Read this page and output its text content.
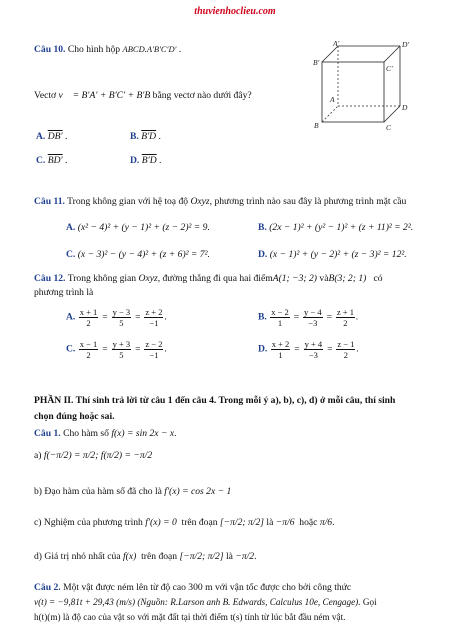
thuvienhoclieu.com
Câu 10. Cho hình hộp ABCD.A′B′C′D′ .
A′	D′
B′
C′
A
D
B	C
Vectơ v⃗ = B′A′ + B′C′ + B′B bằng vectơ nào dưới đây?
A. DB′ .	B. B′D .
C. BD′ .	D. B′D .
Câu 11. Trong không gian với hệ toạ độ Oxyz, phương trình nào sau đây là phương trình mặt cầu
A. (x² − 4)² + (y − 1)² + (z − 2)² = 9.	B. (2x − 1)² + (y² − 1)² + (z + 11)² = 2².
C. (x − 3)² − (y − 4)² + (z + 6)² = 7².	D. (x − 1)² + (y − 2)² + (z − 3)² = 12².
Câu 12. Trong không gian Oxyz, đường thẳng đi qua hai điểmA(1; −3; 2) vàB(3; 2; 1) có
phương trình là
A. $\frac{x + 1}{2} = \frac{y - 3}{5} = \frac{z + 2}{-1}$ .	B. $\frac{x - 2}{1} = \frac{y - 4}{-3} = \frac{z + 1}{2}$ .
C. $\frac{x - 1}{2} = \frac{y + 3}{5} = \frac{z - 2}{-1}$ .	D. $\frac{x + 2}{1} = \frac{y + 4}{-3} = \frac{z - 1}{2}$ .
PHẦN II. Thí sinh trả lời từ câu 1 đến câu 4. Trong mỗi ý a), b), c), d) ở mỗi câu, thí sinh
chọn đúng hoặc sai.
Câu 1. Cho hàm số f(x) = sin 2x − x.
a) f(−π/2) = π/2; f(π/2) = −π/2
b) Đạo hàm của hàm số đã cho là f′(x) = cos 2x − 1
c) Nghiệm của phương trình f′(x) = 0 trên đoạn [−π/2; π/2] là −π/6 hoặc π/6.
d) Giá trị nhỏ nhất của f(x) trên đoạn [−π/2; π/2] là −π/2.
Câu 2. Một vật được ném lên từ độ cao 300 m với vận tốc được cho bởi công thức
v(t) = −9,81t + 29,43 (m/s) (Nguồn: R.Larson anh B. Edwards, Calculus 10e, Cengage). Gọi
h(t)(m) là độ cao của vật so với mặt đất tại thời điểm t(s) tính từ lúc bắt đầu ném vật.
